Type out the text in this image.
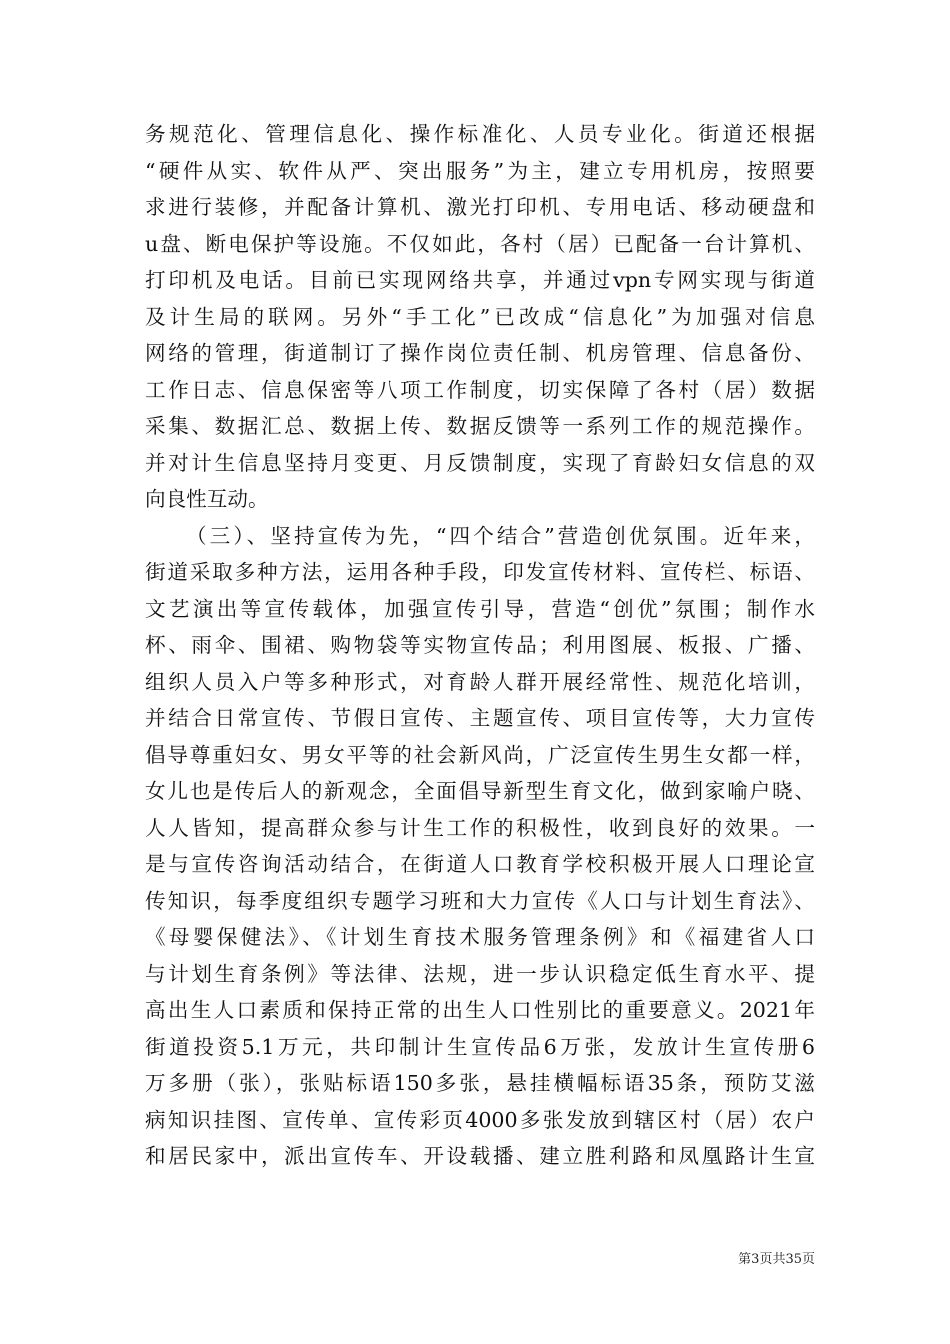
务规范化、管理信息化、操作标准化、人员专业化。街道还根据
“硬件从实、软件从严、突出服务”为主，建立专用机房，按照要
求进行装修，并配备计算机、激光打印机、专用电话、移动硬盘和
u盘、断电保护等设施。不仅如此，各村（居）已配备一台计算机、
打印机及电话。目前已实现网络共享，并通过vpn专网实现与街道
及计生局的联网。另外“手工化”已改成“信息化”为加强对信息
网络的管理，街道制订了操作岗位责任制、机房管理、信息备份、
工作日志、信息保密等八项工作制度，切实保障了各村（居）数据
采集、数据汇总、数据上传、数据反馈等一系列工作的规范操作。
并对计生信息坚持月变更、月反馈制度，实现了育龄妇女信息的双
向良性互动。
（三）、坚持宣传为先，“四个结合”营造创优氛围。近年来，
街道采取多种方法，运用各种手段，印发宣传材料、宣传栏、标语、
文艺演出等宣传载体，加强宣传引导，营造“创优”氛围；制作水
杯、雨伞、围裙、购物袋等实物宣传品；利用图展、板报、广播、
组织人员入户等多种形式，对育龄人群开展经常性、规范化培训，
并结合日常宣传、节假日宣传、主题宣传、项目宣传等，大力宣传
倡导尊重妇女、男女平等的社会新风尚，广泛宣传生男生女都一样，
女儿也是传后人的新观念，全面倡导新型生育文化，做到家喻户晓、
人人皆知，提高群众参与计生工作的积极性，收到良好的效果。一
是与宣传咨询活动结合，在街道人口教育学校积极开展人口理论宣
传知识，每季度组织专题学习班和大力宣传《人口与计划生育法》、
《母婴保健法》、《计划生育技术服务管理条例》和《福建省人口
与计划生育条例》等法律、法规，进一步认识稳定低生育水平、提
高出生人口素质和保持正常的出生人口性别比的重要意义。2021年
街道投资5.1万元，共印制计生宣传品6万张，发放计生宣传册6
万多册（张），张贴标语150多张，悬挂横幅标语35条，预防艾滋
病知识挂图、宣传单、宣传彩页4000多张发放到辖区村（居）农户
和居民家中，派出宣传车、开设载播、建立胜利路和凤凰路计生宣
第3页共35页
